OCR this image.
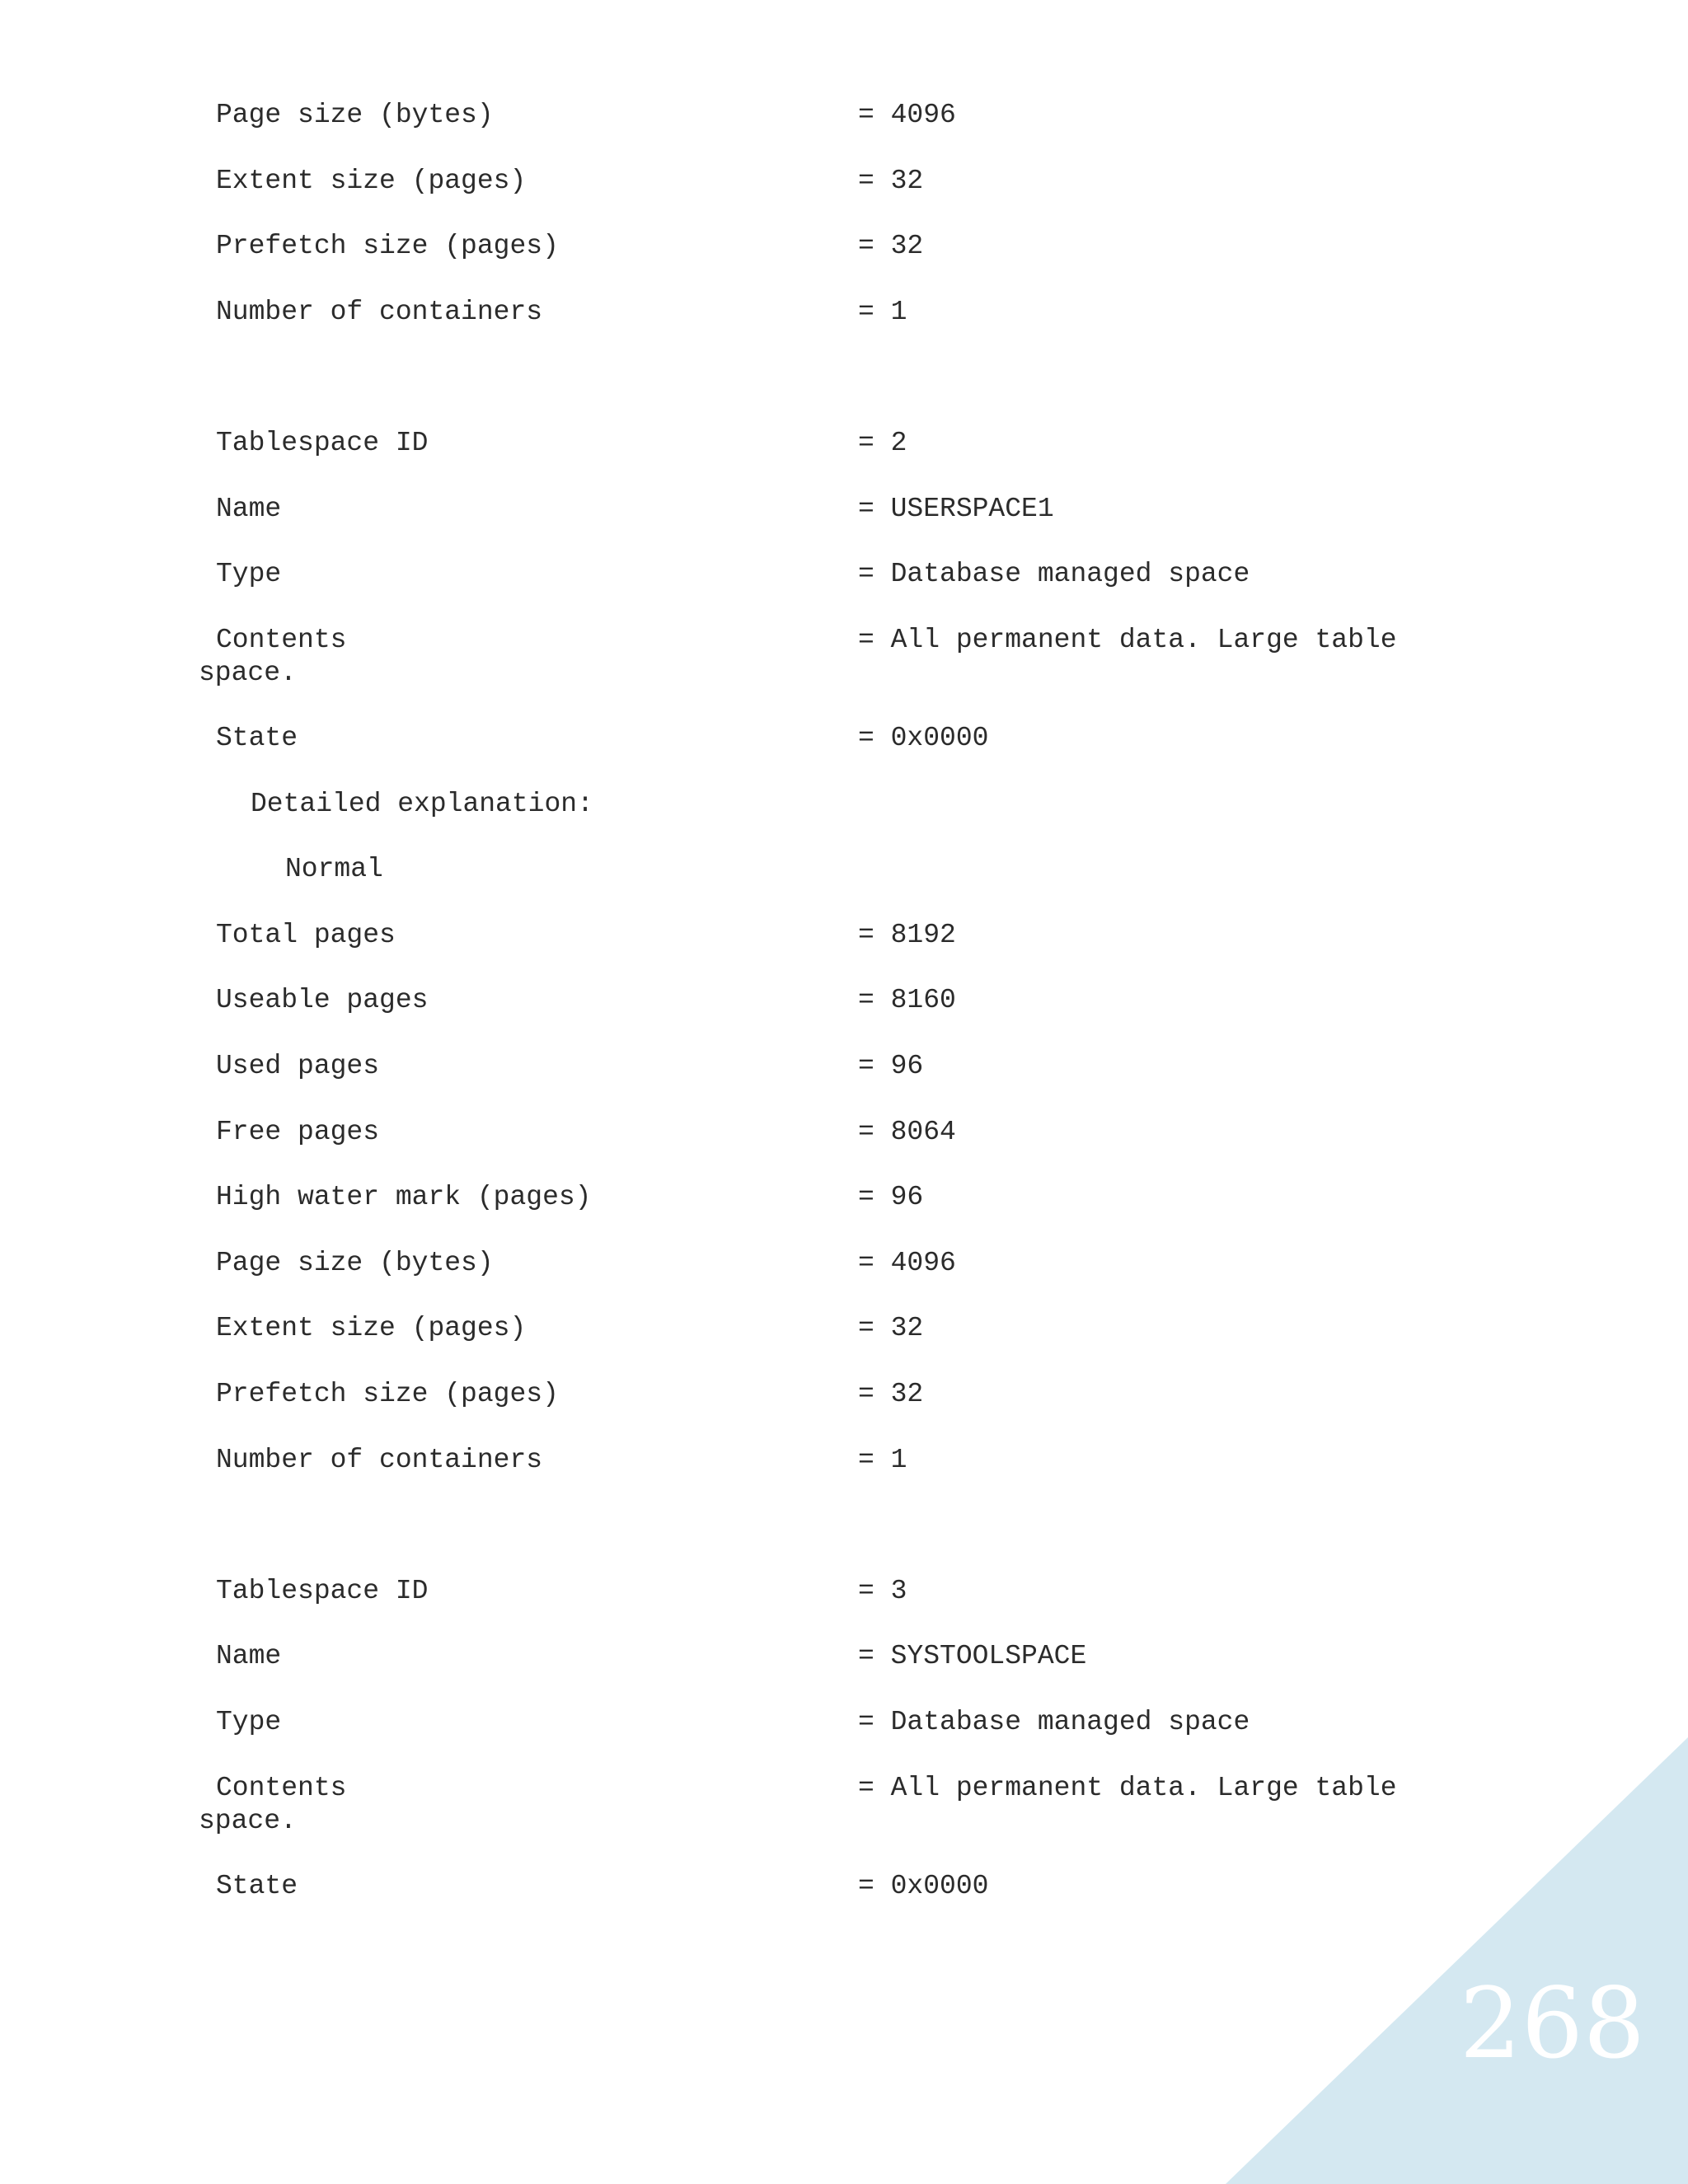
Page size (bytes)	= 4096
Extent size (pages)	= 32
Prefetch size (pages)	= 32
Number of containers	= 1
Tablespace ID	= 2
Name	= USERSPACE1
Type	= Database managed space
Contents	= All permanent data. Large table
space.
State	= 0x0000
Detailed explanation:
Normal
Total pages	= 8192
Useable pages	= 8160
Used pages	= 96
Free pages	= 8064
High water mark (pages)	= 96
Page size (bytes)	= 4096
Extent size (pages)	= 32
Prefetch size (pages)	= 32
Number of containers	= 1
Tablespace ID	= 3
Name	= SYSTOOLSPACE
Type	= Database managed space
Contents	= All permanent data. Large table
space.
State	= 0x0000
268
